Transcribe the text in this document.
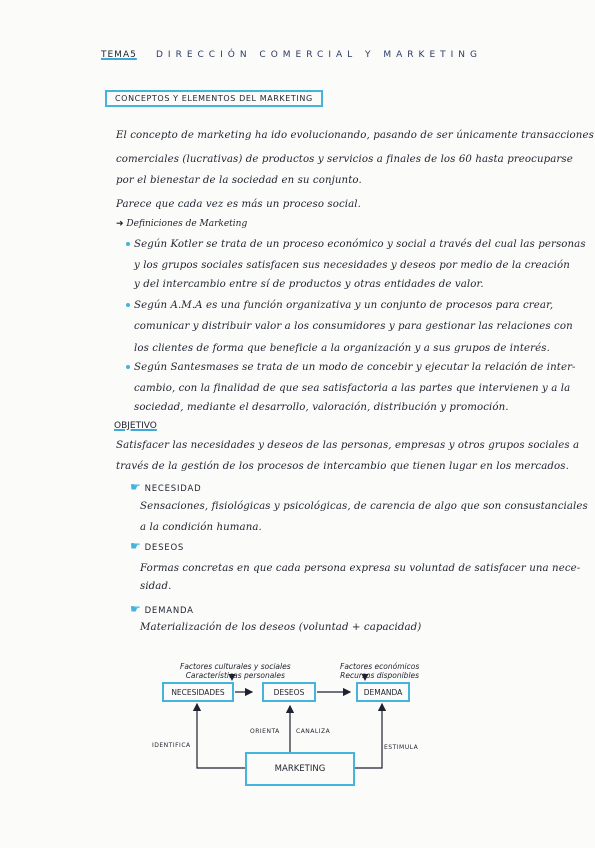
TEMA5 DIRECCIÓN COMERCIAL Y MARKETING
CONCEPTOS Y ELEMENTOS DEL MARKETING
El concepto de marketing ha ido evolucionando, pasando de ser únicamente transacciones
comerciales (lucrativas) de productos y servicios a finales de los 60 hasta preocuparse
por el bienestar de la sociedad en su conjunto.
Parece que cada vez es más un proceso social.
➜ Definiciones de Marketing
Según Kotler se trata de un proceso económico y social a través del cual las personas
y los grupos sociales satisfacen sus necesidades y deseos por medio de la creación
y del intercambio entre sí de productos y otras entidades de valor.
Según A.M.A es una función organizativa y un conjunto de procesos para crear,
comunicar y distribuir valor a los consumidores y para gestionar las relaciones con
los clientes de forma que beneficie a la organización y a sus grupos de interés.
Según Santesmases se trata de un modo de concebir y ejecutar la relación de inter-
cambio, con la finalidad de que sea satisfactoria a las partes que intervienen y a la
sociedad, mediante el desarrollo, valoración, distribución y promoción.
OBJETIVO
Satisfacer las necesidades y deseos de las personas, empresas y otros grupos sociales a
través de la gestión de los procesos de intercambio que tienen lugar en los mercados.
☛ NECESIDAD
Sensaciones, fisiológicas y psicológicas, de carencia de algo que son consustanciales
a la condición humana.
☛ DESEOS
Formas concretas en que cada persona expresa su voluntad de satisfacer una nece-
sidad.
☛ DEMANDA
Materialización de los deseos (voluntad + capacidad)
Factores culturales y sociales
Características personales
Factores económicos
Recursos disponibles
NECESIDADES	DESEOS	DEMANDA
MARKETING
IDENTIFICA
ORIENTA	CANALIZA
ESTIMULA
